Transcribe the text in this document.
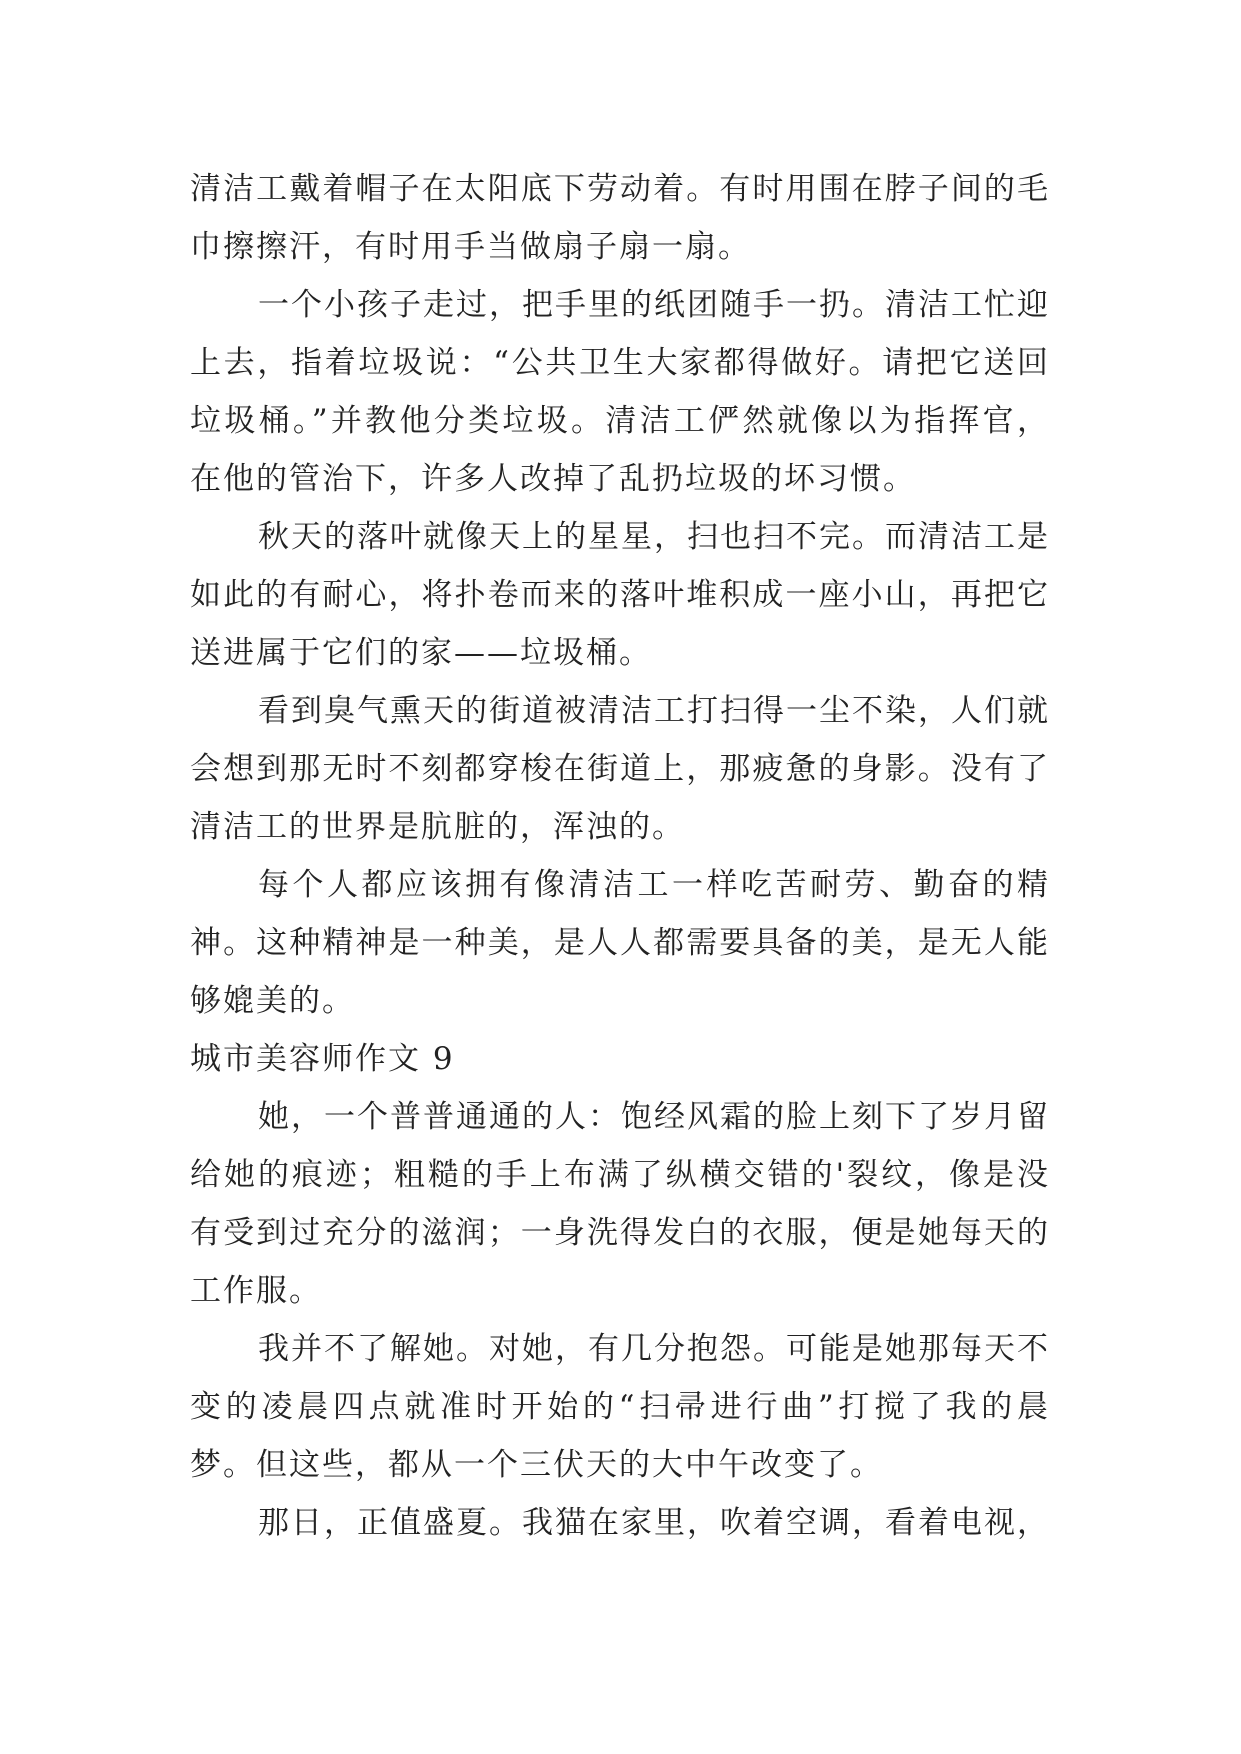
清洁工戴着帽子在太阳底下劳动着。有时用围在脖子间的毛巾擦擦汗，有时用手当做扇子扇一扇。

一个小孩子走过，把手里的纸团随手一扔。清洁工忙迎上去，指着垃圾说：“公共卫生大家都得做好。请把它送回垃圾桶。”并教他分类垃圾。清洁工俨然就像以为指挥官，在他的管治下，许多人改掉了乱扔垃圾的坏习惯。

秋天的落叶就像天上的星星，扫也扫不完。而清洁工是如此的有耐心，将扑卷而来的落叶堆积成一座小山，再把它送进属于它们的家——垃圾桶。

看到臭气熏天的街道被清洁工打扫得一尘不染，人们就会想到那无时不刻都穿梭在街道上，那疲惫的身影。没有了清洁工的世界是肮脏的，浑浊的。

每个人都应该拥有像清洁工一样吃苦耐劳、勤奋的精神。这种精神是一种美，是人人都需要具备的美，是无人能够媲美的。

城市美容师作文 9

她，一个普普通通的人：饱经风霜的脸上刻下了岁月留给她的痕迹；粗糙的手上布满了纵横交错的'裂纹，像是没有受到过充分的滋润；一身洗得发白的衣服，便是她每天的工作服。

我并不了解她。对她，有几分抱怨。可能是她那每天不变的凌晨四点就准时开始的“扫帚进行曲”打搅了我的晨梦。但这些，都从一个三伏天的大中午改变了。

那日，正值盛夏。我猫在家里，吹着空调，看着电视，
